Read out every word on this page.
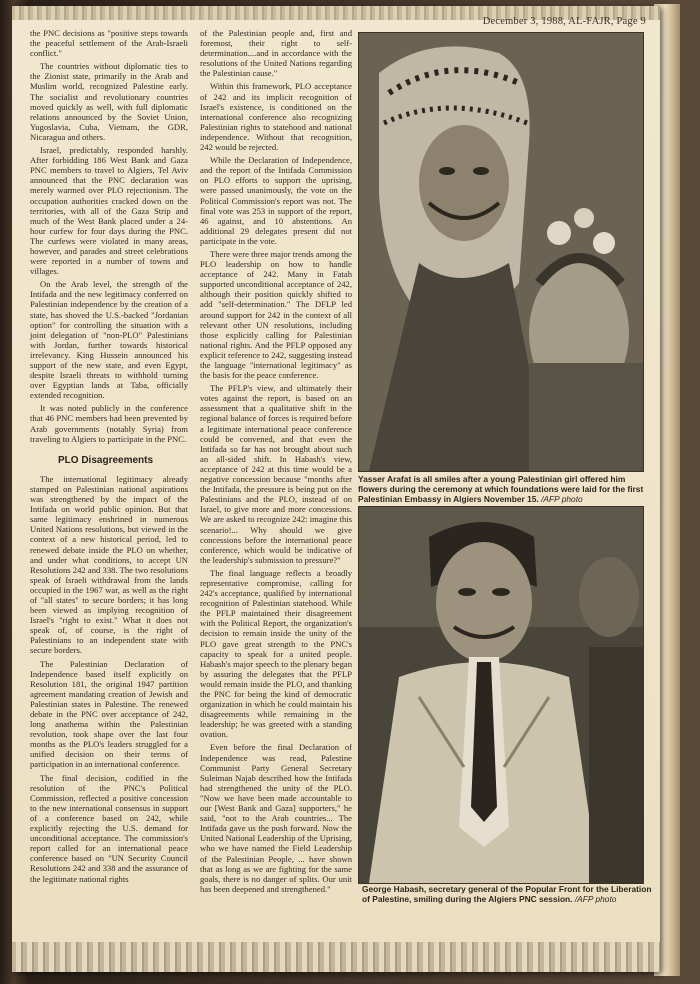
December 3, 1988, AL-FAJR, Page 9

the PNC decisions as "positive steps towards the peaceful settlement of the Arab-Israeli conflict."

The countries without diplomatic ties to the Zionist state, primarily in the Arab and Muslim world, recognized Palestine early. The socialist and revolutionary countries moved quickly as well, with full diplomatic relations announced by the Soviet Union, Yugoslavia, Cuba, Vietnam, the GDR, Nicaragua and others.

Israel, predictably, responded harshly. After forbidding 186 West Bank and Gaza PNC members to travel to Algiers, Tel Aviv announced that the PNC declaration was merely warmed over PLO rejectionism. The occupation authorities cracked down on the territories, with all of the Gaza Strip and much of the West Bank placed under a 24-hour curfew for four days during the PNC. The curfews were violated in many areas, however, and parades and street celebrations were reported in a number of towns and villages.

On the Arab level, the strength of the Intifada and the new legitimacy conferred on Palestinian independence by the creation of a state, has shoved the U.S.-backed "Jordanian option" for controlling the situation with a joint delegation of "non-PLO" Palestinians with Jordan, further towards historical irrelevancy. King Hussein announced his support of the new state, and even Egypt, despite Israeli threats to withhold turning over Egyptian lands at Taba, officially extended recognition.

It was noted publicly in the conference that 46 PNC members had been prevented by Arab governments (notably Syria) from traveling to Algiers to participate in the PNC.

PLO Disagreements

The international legitimacy already stamped on Palestinian national aspirations was strengthened by the impact of the Intifada on world public opinion. But that same legitimacy enshrined in numerous United Nations resolutions, but viewed in the context of a new historical period, led to renewed debate inside the PLO on whether, and under what conditions, to accept UN Resolutions 242 and 338. The two resolutions speak of Israeli withdrawal from the lands occupied in the 1967 war, as well as the right of "all states" to secure borders; it has long been viewed as implying recognition of Israel's "right to exist." What it does not speak of, of course, is the right of Palestinians to an independent state with secure borders.

The Palestinian Declaration of Independence based itself explicitly on Resolution 181, the original 1947 partition agreement mandating creation of Jewish and Palestinian states in Palestine. The renewed debate in the PNC over acceptance of 242, long anathema within the Palestinian revolution, took shape over the last four months as the PLO's leaders struggled for a unified decision on their terms of participation in an international conference.

The final decision, codified in the resolution of the PNC's Political Commission, reflected a positive concession to the new international consensus in support of a conference based on 242, while explicitly rejecting the U.S. demand for unconditional acceptance. The commission's report called for an international peace conference based on "UN Security Council Resolutions 242 and 338 and the assurance of the legitimate national rights

of the Palestinian people and, first and foremost, their right to self-determination....and in accordance with the resolutions of the United Nations regarding the Palestinian cause."

Within this framework, PLO acceptance of 242 and its implicit recognition of Israel's existence, is conditioned on the international conference also recognizing Palestinian rights to statehood and national independence. Without that recognition, 242 would be rejected.

While the Declaration of Independence, and the report of the Intifada Commission on PLO efforts to support the uprising, were passed unanimously, the vote on the Political Commission's report was not. The final vote was 253 in support of the report, 46 against, and 10 abstentions. An additional 29 delegates present did not participate in the vote.

There were three major trends among the PLO leadership on how to handle acceptance of 242. Many in Fatah supported unconditional acceptance of 242, although their position quickly shifted to add "self-determination." The DFLP led around support for 242 in the context of all relevant other UN resolutions, including those explicitly calling for Palestinian national rights. And the PFLP opposed any explicit reference to 242, suggesting instead the language "international legitimacy" as the basis for the peace conference.

The PFLP's view, and ultimately their votes against the report, is based on an assessment that a qualitative shift in the regional balance of forces is required before a legitimate international peace conference could be convened, and that even the Intifada so far has not brought about such an all-sided shift. In Habash's view, acceptance of 242 at this time would be a negative concession because "months after the Intifada, the pressure is being put on the Palestinians and the PLO, instead of on Israel, to give more and more concessions. We are asked to recognize 242: imagine this scenario!... Why should we give concessions before the international peace conference, which would be indicative of the leadership's submission to pressure?"

The final language reflects a broadly representative compromise, calling for 242's acceptance, qualified by international recognition of Palestinian statehood. While the PFLP maintained their disagreement with the Political Report, the organization's decision to remain inside the unity of the PLO gave great strength to the PNC's capacity to speak for a united people. Habash's major speech to the plenary began by assuring the delegates that the PFLP would remain inside the PLO, and thanking the PNC for being the kind of democratic organization in which he could maintain his disagreements while remaining in the leadership; he was greeted with a standing ovation.

Even before the final Declaration of Independence was read, Palestine Communist Party General Secretary Suleiman Najab described how the Intifada had strengthened the unity of the PLO. "Now we have been made accountable to our [West Bank and Gaza] supporters," he said, "not to the Arab countries... The Intifada gave us the push forward. Now the United National Leadership of the Uprising, who we have named the Field Leadership of the Palestinian People, ... have shown that as long as we are fighting for the same goals, there is no danger of splits. Our unit has been deepened and strengthened."

Yasser Arafat is all smiles after a young Palestinian girl offered him flowers during the ceremony at which foundations were laid for the first Palestinian Embassy in Algiers November 15. /AFP photo
George Habash, secretary general of the Popular Front for the Liberation of Palestine, smiling during the Algiers PNC session. /AFP photo
